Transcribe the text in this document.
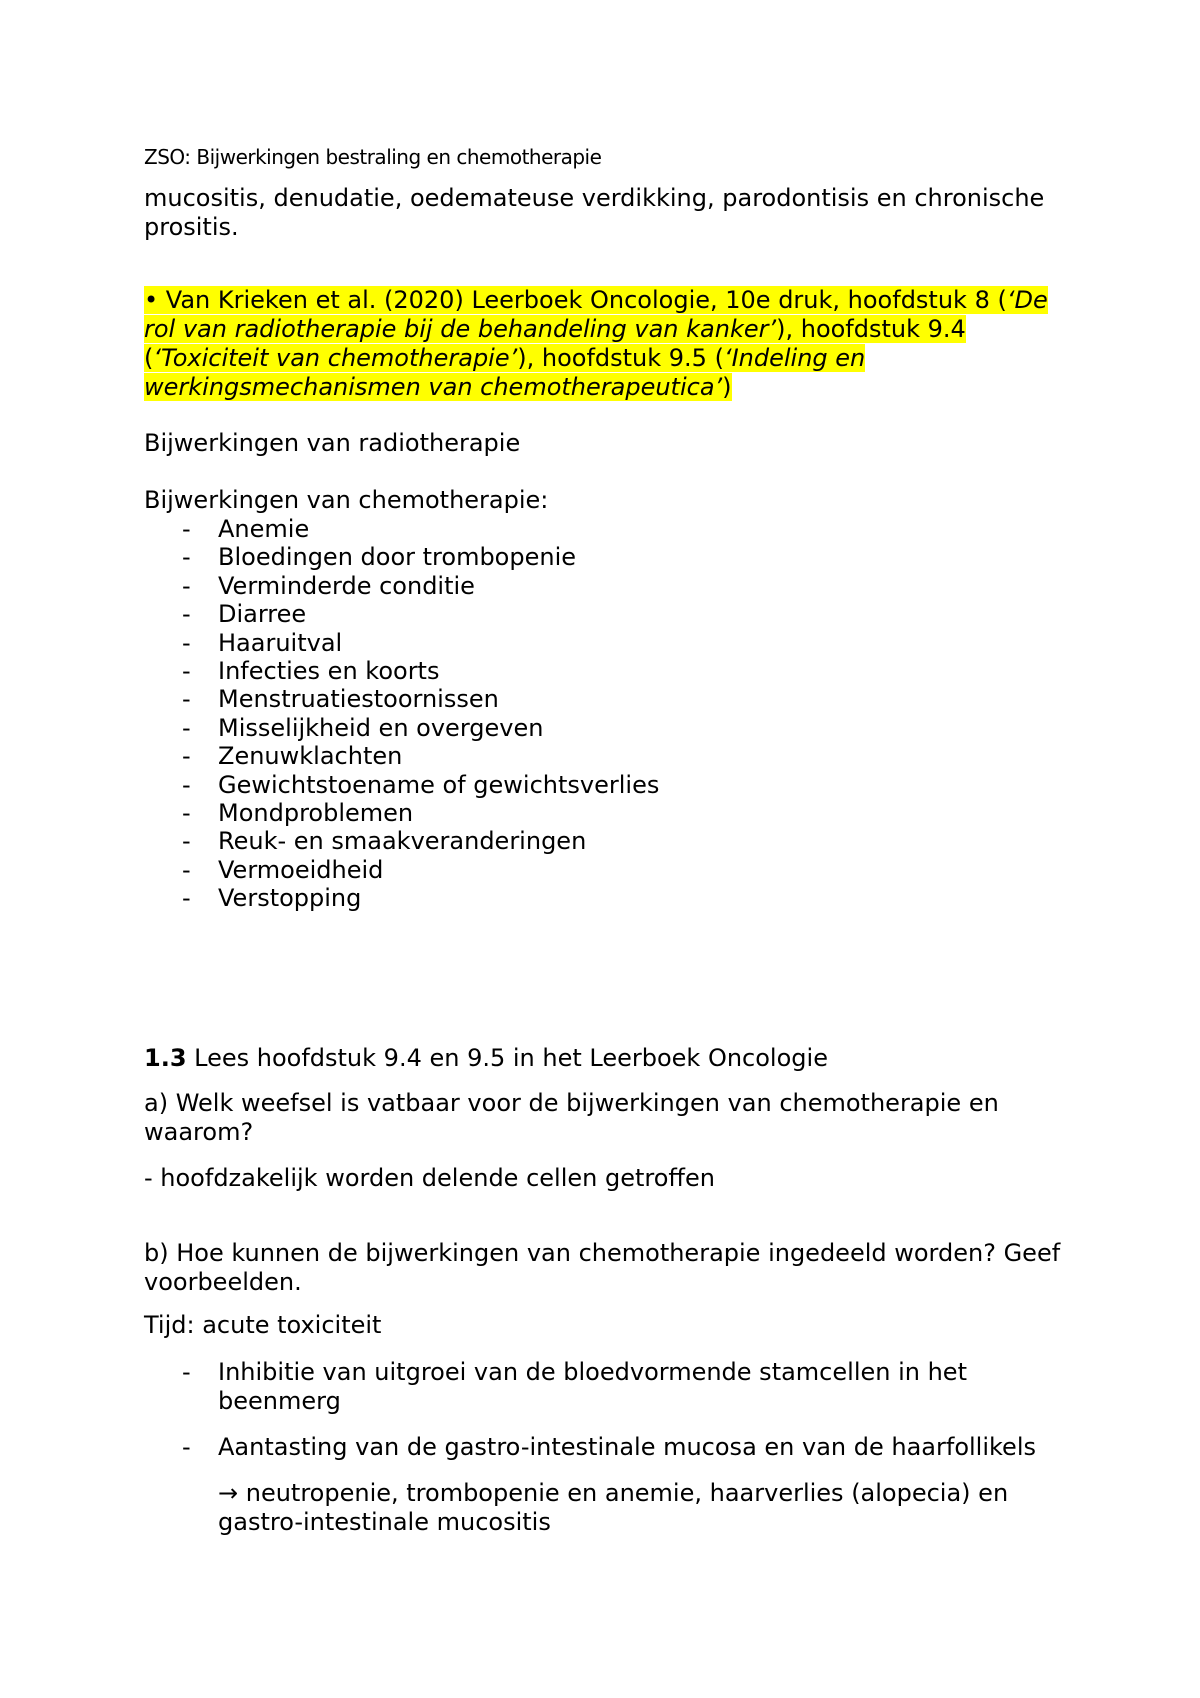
ZSO: Bijwerkingen bestraling en chemotherapie
mucositis, denudatie, oedemateuse verdikking, parodontisis en chronische prositis.
• Van Krieken et al. (2020) Leerboek Oncologie, 10e druk, hoofdstuk 8 (‘De rol van radiotherapie bij de behandeling van kanker’), hoofdstuk 9.4 (‘Toxiciteit van chemotherapie’), hoofdstuk 9.5 (‘Indeling en werkingsmechanismen van chemotherapeutica’)
Bijwerkingen van radiotherapie
Bijwerkingen van chemotherapie:
- Anemie
- Bloedingen door trombopenie
- Verminderde conditie
- Diarree
- Haaruitval
- Infecties en koorts
- Menstruatiestoornissen
- Misselijkheid en overgeven
- Zenuwklachten
- Gewichtstoename of gewichtsverlies
- Mondproblemen
- Reuk- en smaakveranderingen
- Vermoeidheid
- Verstopping
1.3 Lees hoofdstuk 9.4 en 9.5 in het Leerboek Oncologie
a) Welk weefsel is vatbaar voor de bijwerkingen van chemotherapie en waarom?
- hoofdzakelijk worden delende cellen getroffen
b) Hoe kunnen de bijwerkingen van chemotherapie ingedeeld worden? Geef voorbeelden.
Tijd: acute toxiciteit
-	Inhibitie van uitgroei van de bloedvormende stamcellen in het beenmerg
-	Aantasting van de gastro-intestinale mucosa en van de haarfollikels
→ neutropenie, trombopenie en anemie, haarverlies (alopecia) en gastro-intestinale mucositis
